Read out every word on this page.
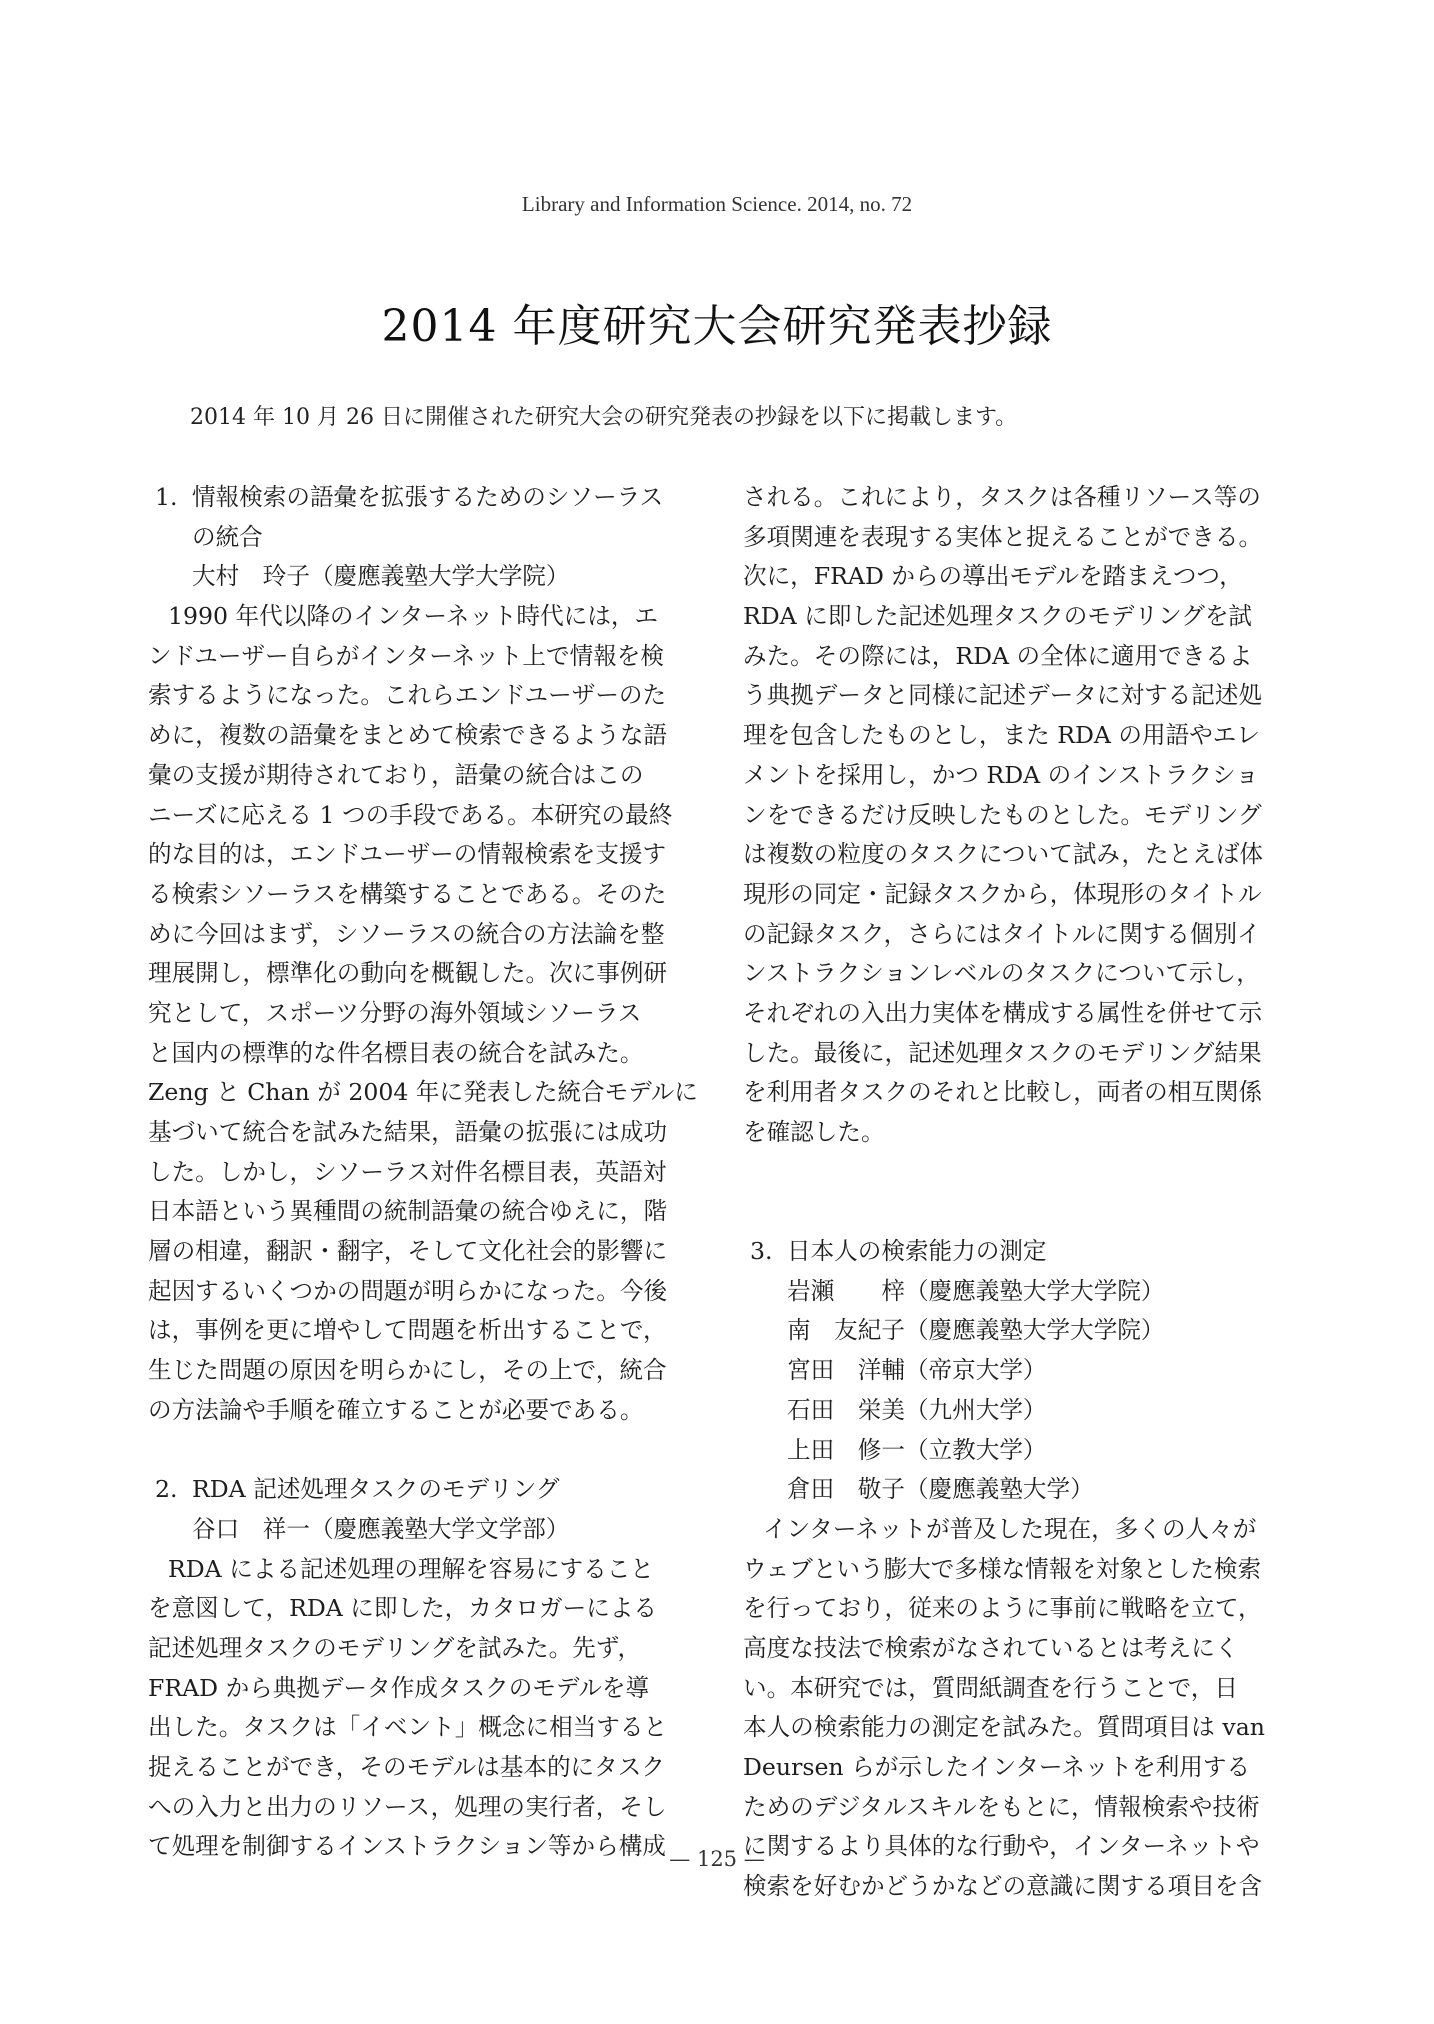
Library and Information Science. 2014, no. 72
2014 年度研究大会研究発表抄録
2014 年 10 月 26 日に開催された研究大会の研究発表の抄録を以下に掲載します。
1. 情報検索の語彙を拡張するためのシソーラス
の統合
大村　玲子（慶應義塾大学大学院）
1990 年代以降のインターネット時代には，エ
ンドユーザー自らがインターネット上で情報を検
索するようになった。これらエンドユーザーのた
めに，複数の語彙をまとめて検索できるような語
彙の支援が期待されており，語彙の統合はこの
ニーズに応える 1 つの手段である。本研究の最終
的な目的は，エンドユーザーの情報検索を支援す
る検索シソーラスを構築することである。そのた
めに今回はまず，シソーラスの統合の方法論を整
理展開し，標準化の動向を概観した。次に事例研
究として，スポーツ分野の海外領域シソーラス
と国内の標準的な件名標目表の統合を試みた。
Zeng と Chan が 2004 年に発表した統合モデルに
基づいて統合を試みた結果，語彙の拡張には成功
した。しかし，シソーラス対件名標目表，英語対
日本語という異種間の統制語彙の統合ゆえに，階
層の相違，翻訳・翻字，そして文化社会的影響に
起因するいくつかの問題が明らかになった。今後
は，事例を更に増やして問題を析出することで，
生じた問題の原因を明らかにし，その上で，統合
の方法論や手順を確立することが必要である。
2. RDA 記述処理タスクのモデリング
谷口　祥一（慶應義塾大学文学部）
RDA による記述処理の理解を容易にすること
を意図して，RDA に即した，カタロガーによる
記述処理タスクのモデリングを試みた。先ず，
FRAD から典拠データ作成タスクのモデルを導
出した。タスクは「イベント」概念に相当すると
捉えることができ，そのモデルは基本的にタスク
への入力と出力のリソース，処理の実行者，そし
て処理を制御するインストラクション等から構成
される。これにより，タスクは各種リソース等の
多項関連を表現する実体と捉えることができる。
次に，FRAD からの導出モデルを踏まえつつ，
RDA に即した記述処理タスクのモデリングを試
みた。その際には，RDA の全体に適用できるよ
う典拠データと同様に記述データに対する記述処
理を包含したものとし，また RDA の用語やエレ
メントを採用し，かつ RDA のインストラクショ
ンをできるだけ反映したものとした。モデリング
は複数の粒度のタスクについて試み，たとえば体
現形の同定・記録タスクから，体現形のタイトル
の記録タスク，さらにはタイトルに関する個別イ
ンストラクションレベルのタスクについて示し，
それぞれの入出力実体を構成する属性を併せて示
した。最後に，記述処理タスクのモデリング結果
を利用者タスクのそれと比較し，両者の相互関係
を確認した。
3. 日本人の検索能力の測定
岩瀬　　梓（慶應義塾大学大学院）
南　友紀子（慶應義塾大学大学院）
宮田　洋輔（帝京大学）
石田　栄美（九州大学）
上田　修一（立教大学）
倉田　敬子（慶應義塾大学）
インターネットが普及した現在，多くの人々が
ウェブという膨大で多様な情報を対象とした検索
を行っており，従来のように事前に戦略を立て，
高度な技法で検索がなされているとは考えにく
い。本研究では，質問紙調査を行うことで，日
本人の検索能力の測定を試みた。質問項目は van
Deursen らが示したインターネットを利用する
ためのデジタルスキルをもとに，情報検索や技術
に関するより具体的な行動や，インターネットや
検索を好むかどうかなどの意識に関する項目を含
— 125 —
